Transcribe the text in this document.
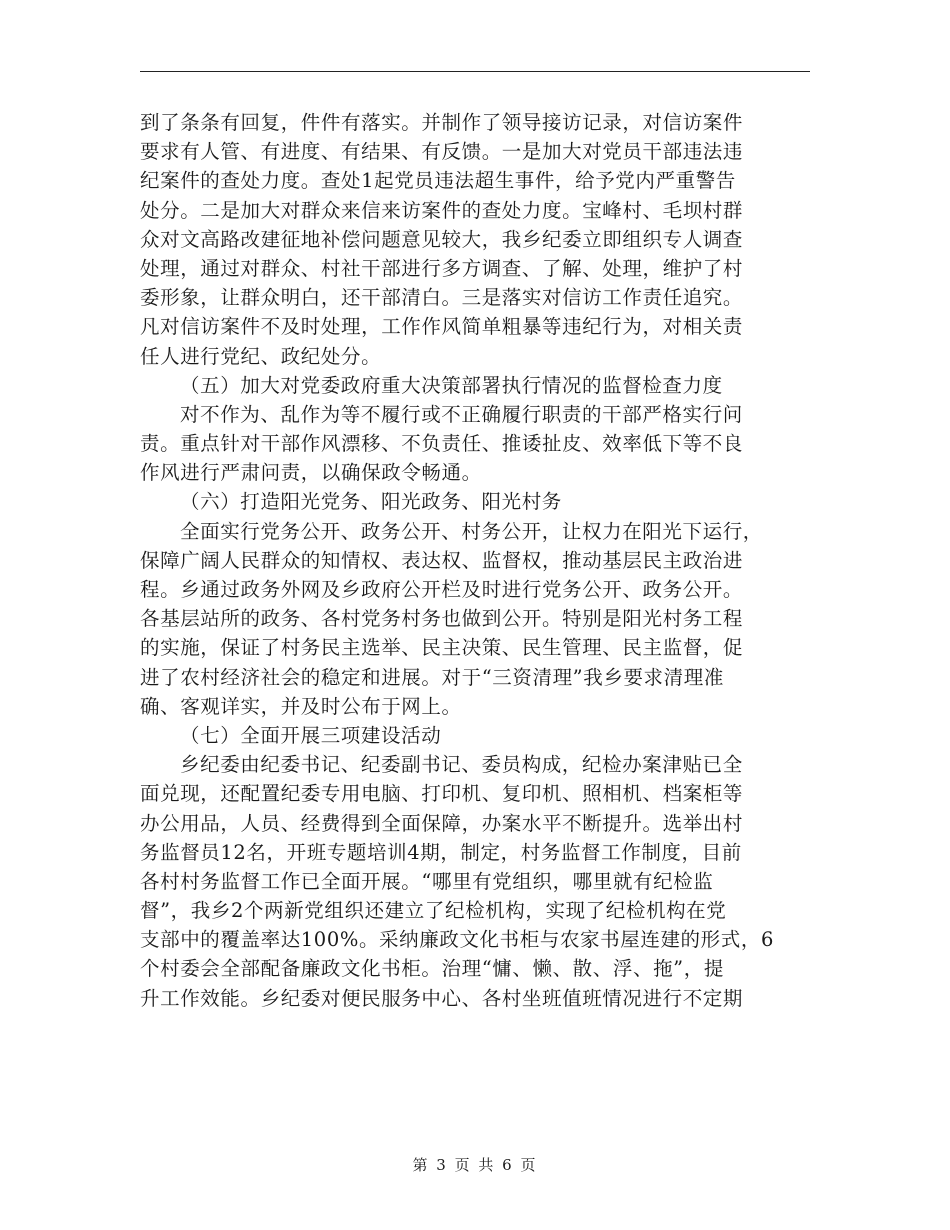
到了条条有回复，件件有落实。并制作了领导接访记录，对信访案件
要求有人管、有进度、有结果、有反馈。一是加大对党员干部违法违
纪案件的查处力度。查处1起党员违法超生事件，给予党内严重警告
处分。二是加大对群众来信来访案件的查处力度。宝峰村、毛坝村群
众对文高路改建征地补偿问题意见较大，我乡纪委立即组织专人调查
处理，通过对群众、村社干部进行多方调查、了解、处理，维护了村
委形象，让群众明白，还干部清白。三是落实对信访工作责任追究。
凡对信访案件不及时处理，工作作风简单粗暴等违纪行为，对相关责
任人进行党纪、政纪处分。
（五）加大对党委政府重大决策部署执行情况的监督检查力度
对不作为、乱作为等不履行或不正确履行职责的干部严格实行问
责。重点针对干部作风漂移、不负责任、推诿扯皮、效率低下等不良
作风进行严肃问责，以确保政令畅通。
（六）打造阳光党务、阳光政务、阳光村务
全面实行党务公开、政务公开、村务公开，让权力在阳光下运行，
保障广阔人民群众的知情权、表达权、监督权，推动基层民主政治进
程。乡通过政务外网及乡政府公开栏及时进行党务公开、政务公开。
各基层站所的政务、各村党务村务也做到公开。特别是阳光村务工程
的实施，保证了村务民主选举、民主决策、民生管理、民主监督，促
进了农村经济社会的稳定和进展。对于“三资清理”我乡要求清理准
确、客观详实，并及时公布于网上。
（七）全面开展三项建设活动
乡纪委由纪委书记、纪委副书记、委员构成，纪检办案津贴已全
面兑现，还配置纪委专用电脑、打印机、复印机、照相机、档案柜等
办公用品，人员、经费得到全面保障，办案水平不断提升。选举出村
务监督员12名，开班专题培训4期，制定，村务监督工作制度，目前
各村村务监督工作已全面开展。“哪里有党组织，哪里就有纪检监
督”，我乡2个两新党组织还建立了纪检机构，实现了纪检机构在党
支部中的覆盖率达100%。采纳廉政文化书柜与农家书屋连建的形式，6
个村委会全部配备廉政文化书柜。治理“慵、懒、散、浮、拖”，提
升工作效能。乡纪委对便民服务中心、各村坐班值班情况进行不定期
第 3 页 共 6 页
